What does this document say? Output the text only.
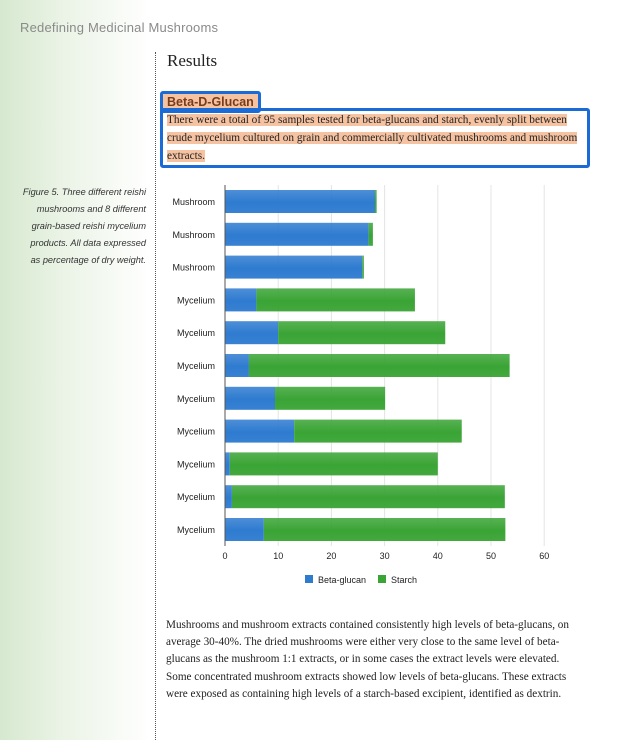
Redefining Medicinal Mushrooms
Results
Beta-D-Glucan
There were a total of 95 samples tested for beta-glucans and starch, evenly split between crude mycelium cultured on grain and commercially cultivated mushrooms and mushroom extracts.
Figure 5. Three different reishi mushrooms and 8 different grain-based reishi mycelium products. All data expressed as percentage of dry weight.
Mushroom
Mushroom
Mushroom
Mycelium
Mycelium
Mycelium
Mycelium
Mycelium
Mycelium
Mycelium
Mycelium
0	10	20	30	40	50	60
Beta-glucan	Starch
Mushrooms and mushroom extracts contained consistently high levels of beta-glucans, on average 30-40%. The dried mushrooms were either very close to the same level of beta-glucans as the mushroom 1:1 extracts, or in some cases the extract levels were elevated. Some concentrated mushroom extracts showed low levels of beta-glucans. These extracts were exposed as containing high levels of a starch-based excipient, identified as dextrin.
